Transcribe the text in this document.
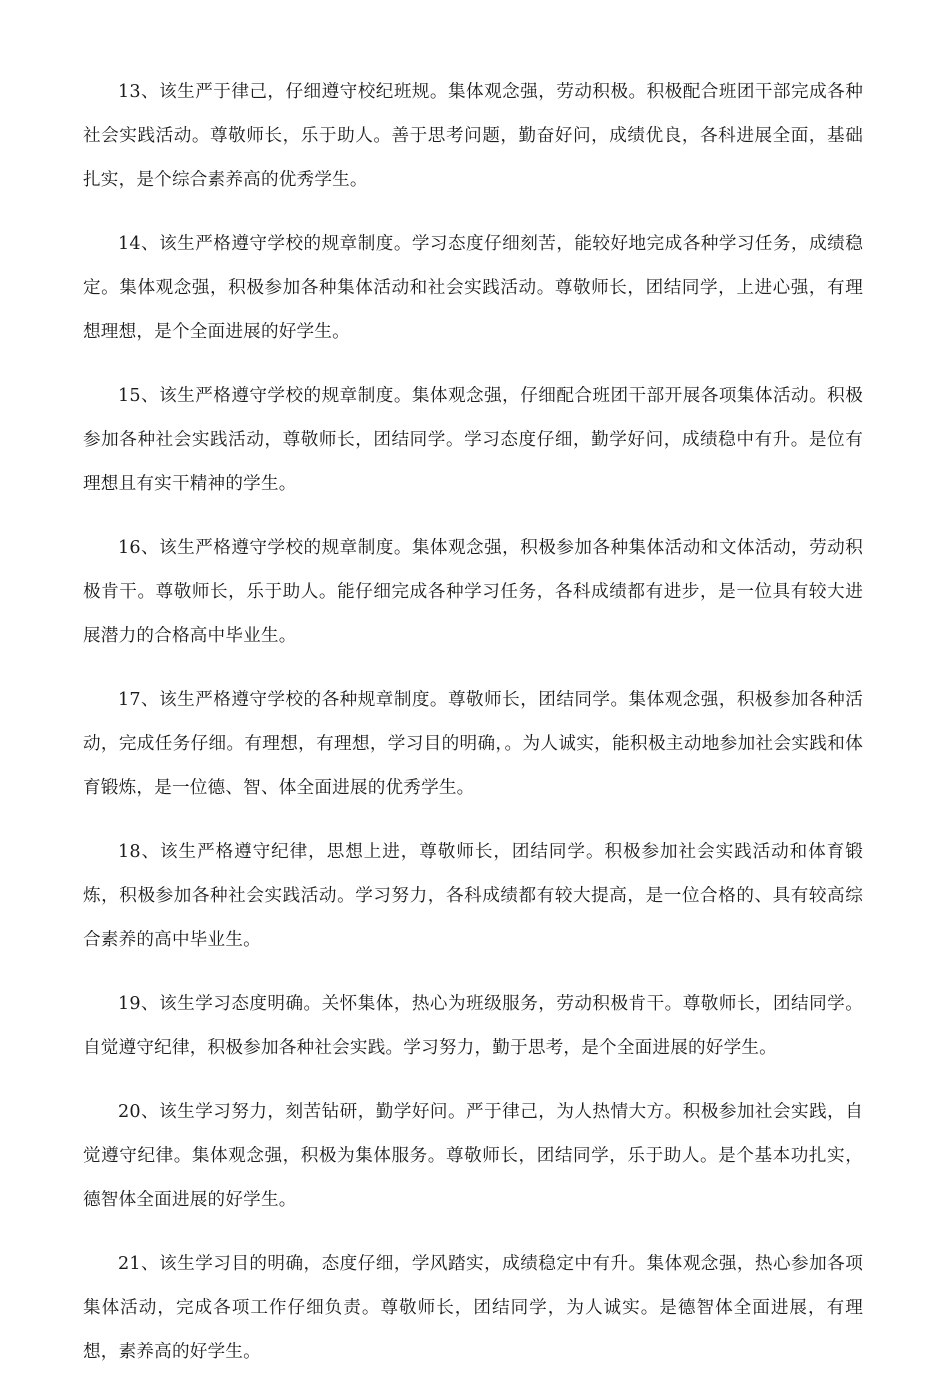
13、该生严于律己，仔细遵守校纪班规。集体观念强，劳动积极。积极配合班团干部完成各种社会实践活动。尊敬师长，乐于助人。善于思考问题，勤奋好问，成绩优良，各科进展全面，基础扎实，是个综合素养高的优秀学生。

14、该生严格遵守学校的规章制度。学习态度仔细刻苦，能较好地完成各种学习任务，成绩稳定。集体观念强，积极参加各种集体活动和社会实践活动。尊敬师长，团结同学，上进心强，有理想理想，是个全面进展的好学生。

15、该生严格遵守学校的规章制度。集体观念强，仔细配合班团干部开展各项集体活动。积极参加各种社会实践活动，尊敬师长，团结同学。学习态度仔细，勤学好问，成绩稳中有升。是位有理想且有实干精神的学生。

16、该生严格遵守学校的规章制度。集体观念强，积极参加各种集体活动和文体活动，劳动积极肯干。尊敬师长，乐于助人。能仔细完成各种学习任务，各科成绩都有进步，是一位具有较大进展潜力的合格高中毕业生。

17、该生严格遵守学校的各种规章制度。尊敬师长，团结同学。集体观念强，积极参加各种活动，完成任务仔细。有理想，有理想，学习目的明确，。为人诚实，能积极主动地参加社会实践和体育锻炼，是一位德、智、体全面进展的优秀学生。

18、该生严格遵守纪律，思想上进，尊敬师长，团结同学。积极参加社会实践活动和体育锻炼，积极参加各种社会实践活动。学习努力，各科成绩都有较大提高，是一位合格的、具有较高综合素养的高中毕业生。

19、该生学习态度明确。关怀集体，热心为班级服务，劳动积极肯干。尊敬师长，团结同学。自觉遵守纪律，积极参加各种社会实践。学习努力，勤于思考，是个全面进展的好学生。

20、该生学习努力，刻苦钻研，勤学好问。严于律己，为人热情大方。积极参加社会实践，自觉遵守纪律。集体观念强，积极为集体服务。尊敬师长，团结同学，乐于助人。是个基本功扎实，德智体全面进展的好学生。

21、该生学习目的明确，态度仔细，学风踏实，成绩稳定中有升。集体观念强，热心参加各项集体活动，完成各项工作仔细负责。尊敬师长，团结同学，为人诚实。是德智体全面进展，有理想，素养高的好学生。
